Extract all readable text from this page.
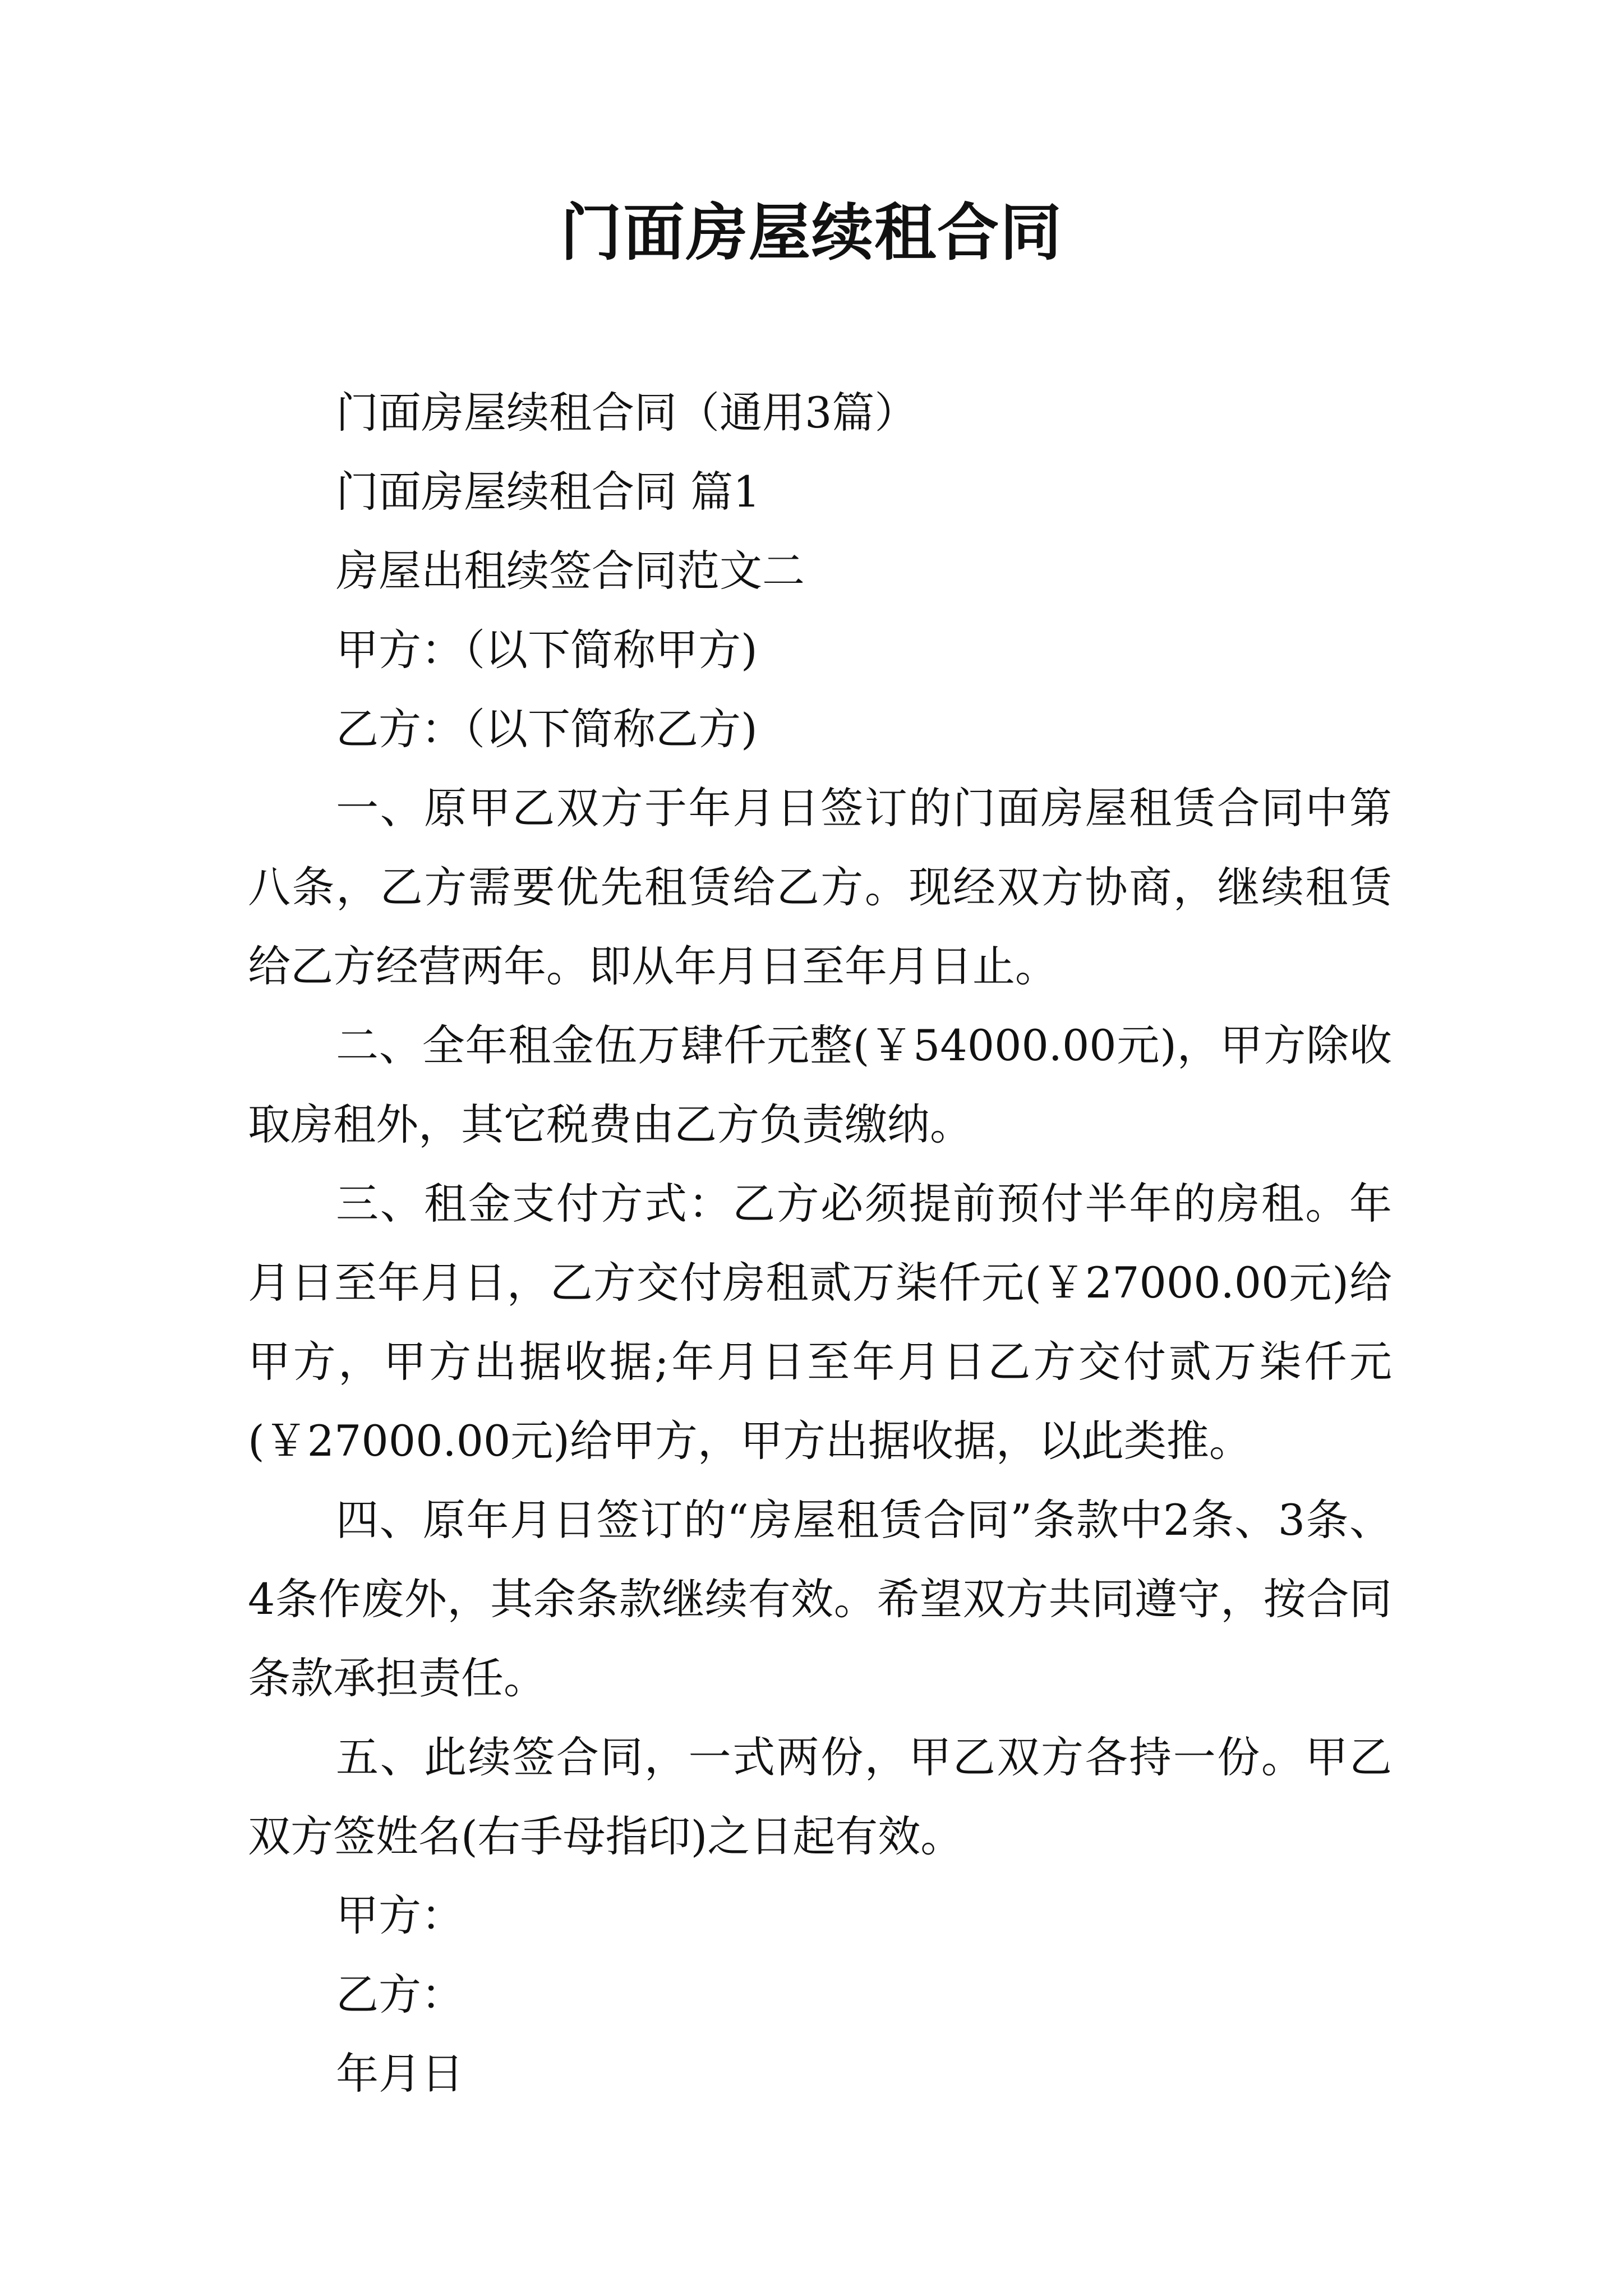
门面房屋续租合同
门面房屋续租合同（通用3篇）
门面房屋续租合同 篇1
房屋出租续签合同范文二
甲方：（以下简称甲方)
乙方：（以下简称乙方)
一、原甲乙双方于年月日签订的门面房屋租赁合同中第八条，乙方需要优先租赁给乙方。现经双方协商，继续租赁给乙方经营两年。即从年月日至年月日止。
二、全年租金伍万肆仟元整(￥54000.00元)，甲方除收取房租外，其它税费由乙方负责缴纳。
三、租金支付方式：乙方必须提前预付半年的房租。年月日至年月日，乙方交付房租贰万柒仟元(￥27000.00元)给甲方，甲方出据收据;年月日至年月日乙方交付贰万柒仟元(￥27000.00元)给甲方，甲方出据收据，以此类推。
四、原年月日签订的“房屋租赁合同”条款中2条、3条、4条作废外，其余条款继续有效。希望双方共同遵守，按合同条款承担责任。
五、此续签合同，一式两份，甲乙双方各持一份。甲乙双方签姓名(右手母指印)之日起有效。
甲方：
乙方：
年月日
